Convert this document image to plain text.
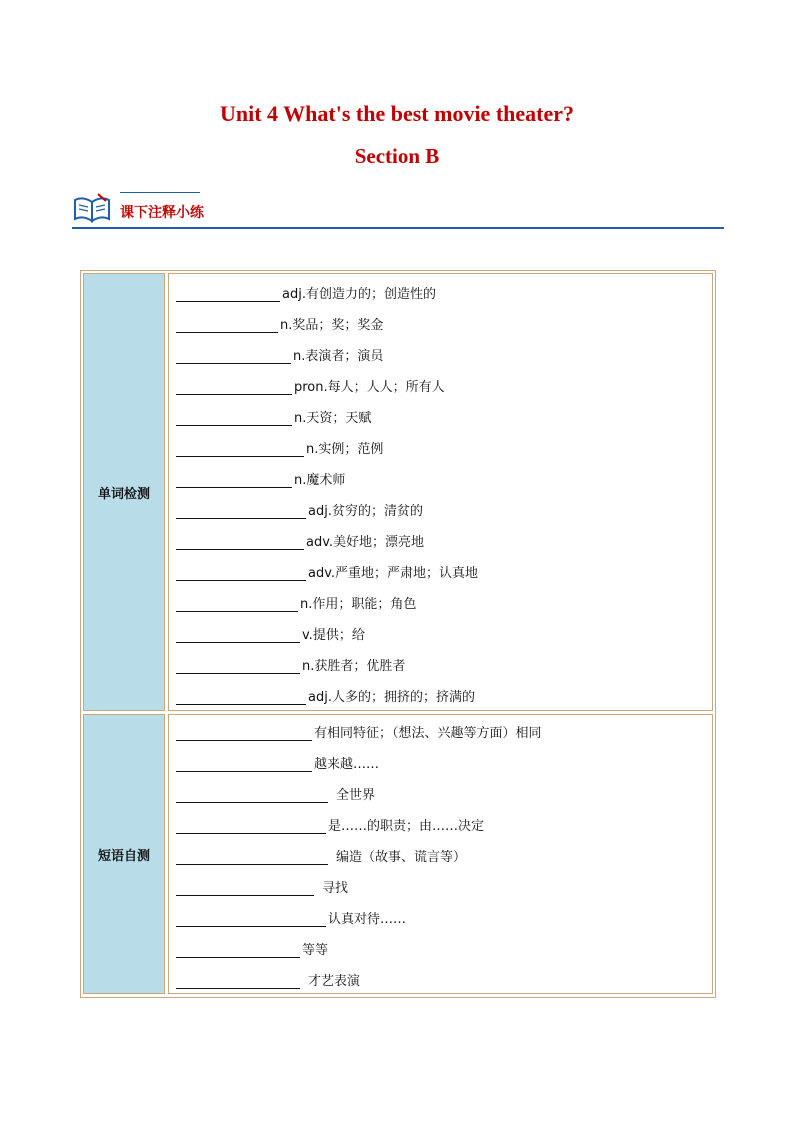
Unit 4 What's the best movie theater?
Section B
课下注释小练
单词检测
adj.有创造力的；创造性的
n.奖品；奖；奖金
n.表演者；演员
pron.每人；人人；所有人
n.天资；天赋
n.实例；范例
n.魔术师
adj.贫穷的；清贫的
adv.美好地；漂亮地
adv.严重地；严肃地；认真地
n.作用；职能；角色
v.提供；给
n.获胜者；优胜者
adj.人多的；拥挤的；挤满的
短语自测
有相同特征；（想法、兴趣等方面）相同
越来越……
全世界
是……的职责；由……决定
编造（故事、谎言等）
寻找
认真对待……
等等
才艺表演
